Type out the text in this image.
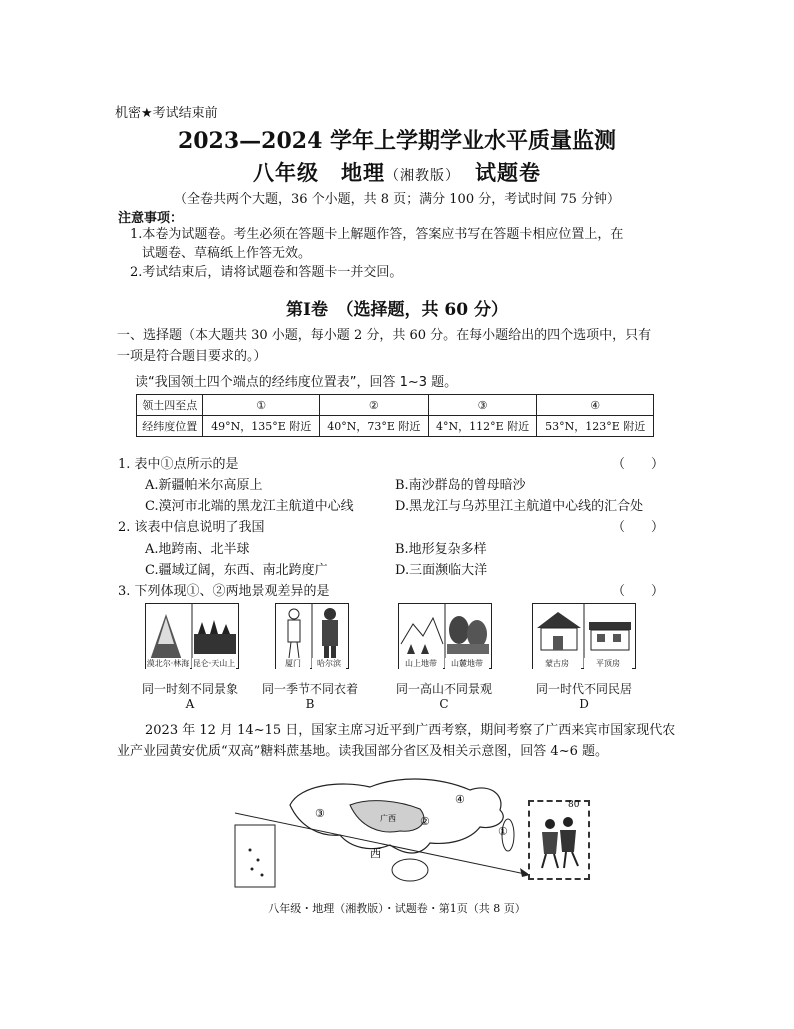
机密★考试结束前
2023—2024 学年上学期学业水平质量监测
八年级　地理（湘教版）　试题卷
（全卷共两个大题，36 个小题，共 8 页；满分 100 分，考试时间 75 分钟）
注意事项：

1.本卷为试题卷。考生必须在答题卡上解题作答，答案应书写在答题卡相应位置上，在

试题卷、草稿纸上作答无效。

2.考试结束后，请将试题卷和答题卡一并交回。

第Ⅰ卷　（选择题，共 60 分）

一、选择题（本大题共 30 小题，每小题 2 分，共 60 分。在每小题给出的四个选项中，只有

一项是符合题目要求的。）

读“我国领土四个端点的经纬度位置表”，回答 1~3 题。
领土四至点	①	②	③	④
经纬度位置	49°N，135°E 附近	40°N，73°E 附近	4°N，112°E 附近	53°N，123°E 附近
1. 表中①点所示的是	（　　）
A.新疆帕米尔高原上	B.南沙群岛的曾母暗沙
C.漠河市北端的黑龙江主航道中心线	D.黑龙江与乌苏里江主航道中心线的汇合处
2. 该表中信息说明了我国	（　　）
A.地跨南、北半球	B.地形复杂多样
C.疆域辽阔，东西、南北跨度广	D.三面濒临大洋
3. 下列体现①、②两地景观差异的是	（　　）
漠北尔·林海 昆仑·天山上	厦门	哈尔滨	山上地带	山麓地带	蒙古房	平顶房
同一时刻不同景象	同一季节不同衣着	同一高山不同景观	同一时代不同民居
A	B	C	D
2023 年 12 月 14~15 日，国家主席习近平到广西考察，期间考察了广西来宾市国家现代农业产业园黄安优质“双高”糖料蔗基地。读我国部分省区及相关示意图，回答 4~6 题。
③
②
①
④
西
广西
80
八年级・地理（湘教版）・试题卷・第1页（共 8 页）
